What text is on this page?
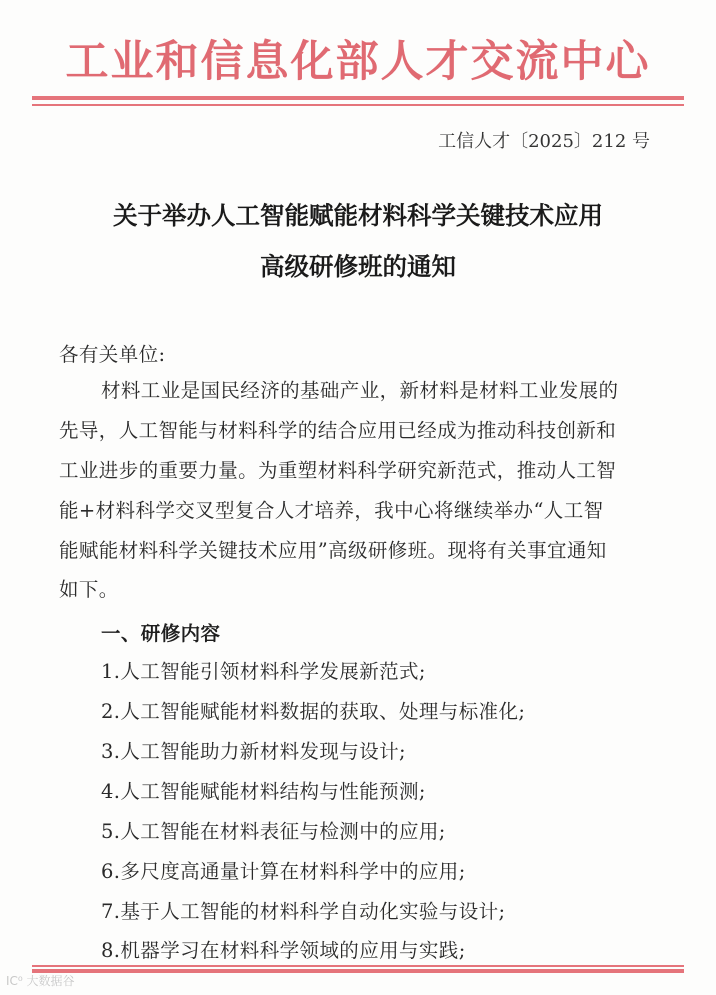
工业和信息化部人才交流中心
工信人才〔2025〕212 号
关于举办人工智能赋能材料科学关键技术应用
高级研修班的通知
各有关单位:
材料工业是国民经济的基础产业，新材料是材料工业发展的
先导，人工智能与材料科学的结合应用已经成为推动科技创新和
工业进步的重要力量。为重塑材料科学研究新范式，推动人工智
能+材料科学交叉型复合人才培养，我中心将继续举办“人工智
能赋能材料科学关键技术应用”高级研修班。现将有关事宜通知
如下。
一、研修内容
1.人工智能引领材料科学发展新范式;
2.人工智能赋能材料数据的获取、处理与标准化;
3.人工智能助力新材料发现与设计;
4.人工智能赋能材料结构与性能预测;
5.人工智能在材料表征与检测中的应用;
6.多尺度高通量计算在材料科学中的应用;
7.基于人工智能的材料科学自动化实验与设计;
8.机器学习在材料科学领域的应用与实践;
IC⁰ 大数据谷
